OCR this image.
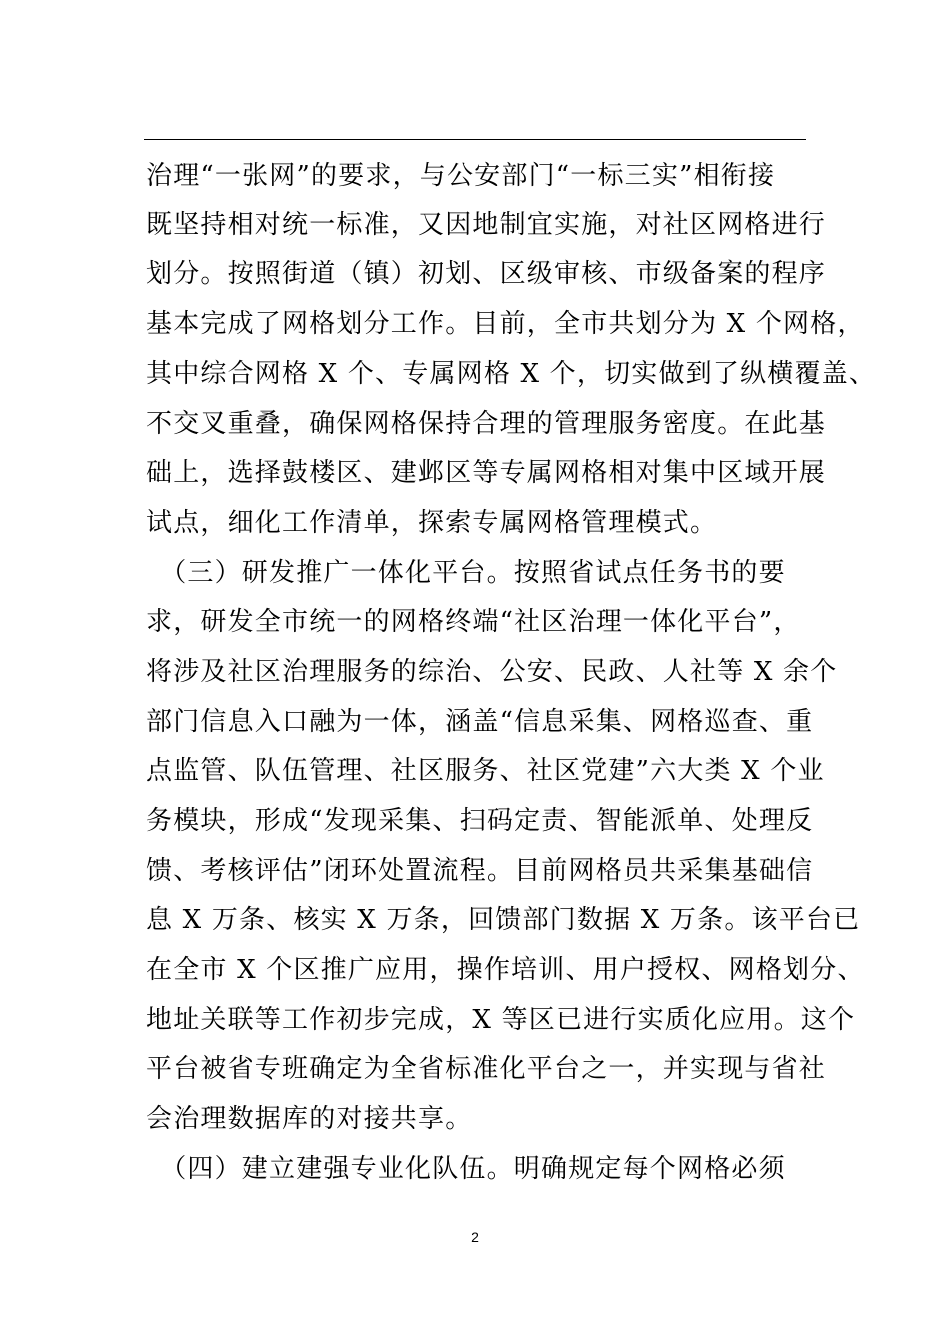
治理“一张网”的要求，与公安部门“一标三实”相衔接
既坚持相对统一标准，又因地制宜实施，对社区网格进行
划分。按照街道（镇）初划、区级审核、市级备案的程序
基本完成了网格划分工作。目前，全市共划分为 X 个网格，
其中综合网格 X 个、专属网格 X 个，切实做到了纵横覆盖、
不交叉重叠，确保网格保持合理的管理服务密度。在此基
础上，选择鼓楼区、建邺区等专属网格相对集中区域开展
试点，细化工作清单，探索专属网格管理模式。
　（三）研发推广一体化平台。按照省试点任务书的要
求，研发全市统一的网格终端“社区治理一体化平台”，
将涉及社区治理服务的综治、公安、民政、人社等 X 余个
部门信息入口融为一体，涵盖“信息采集、网格巡查、重
点监管、队伍管理、社区服务、社区党建”六大类 X 个业
务模块，形成“发现采集、扫码定责、智能派单、处理反
馈、考核评估”闭环处置流程。目前网格员共采集基础信
息 X 万条、核实 X 万条，回馈部门数据 X 万条。该平台已
在全市 X 个区推广应用，操作培训、用户授权、网格划分、
地址关联等工作初步完成，X 等区已进行实质化应用。这个
平台被省专班确定为全省标准化平台之一，并实现与省社
会治理数据库的对接共享。
　（四）建立建强专业化队伍。明确规定每个网格必须
2
